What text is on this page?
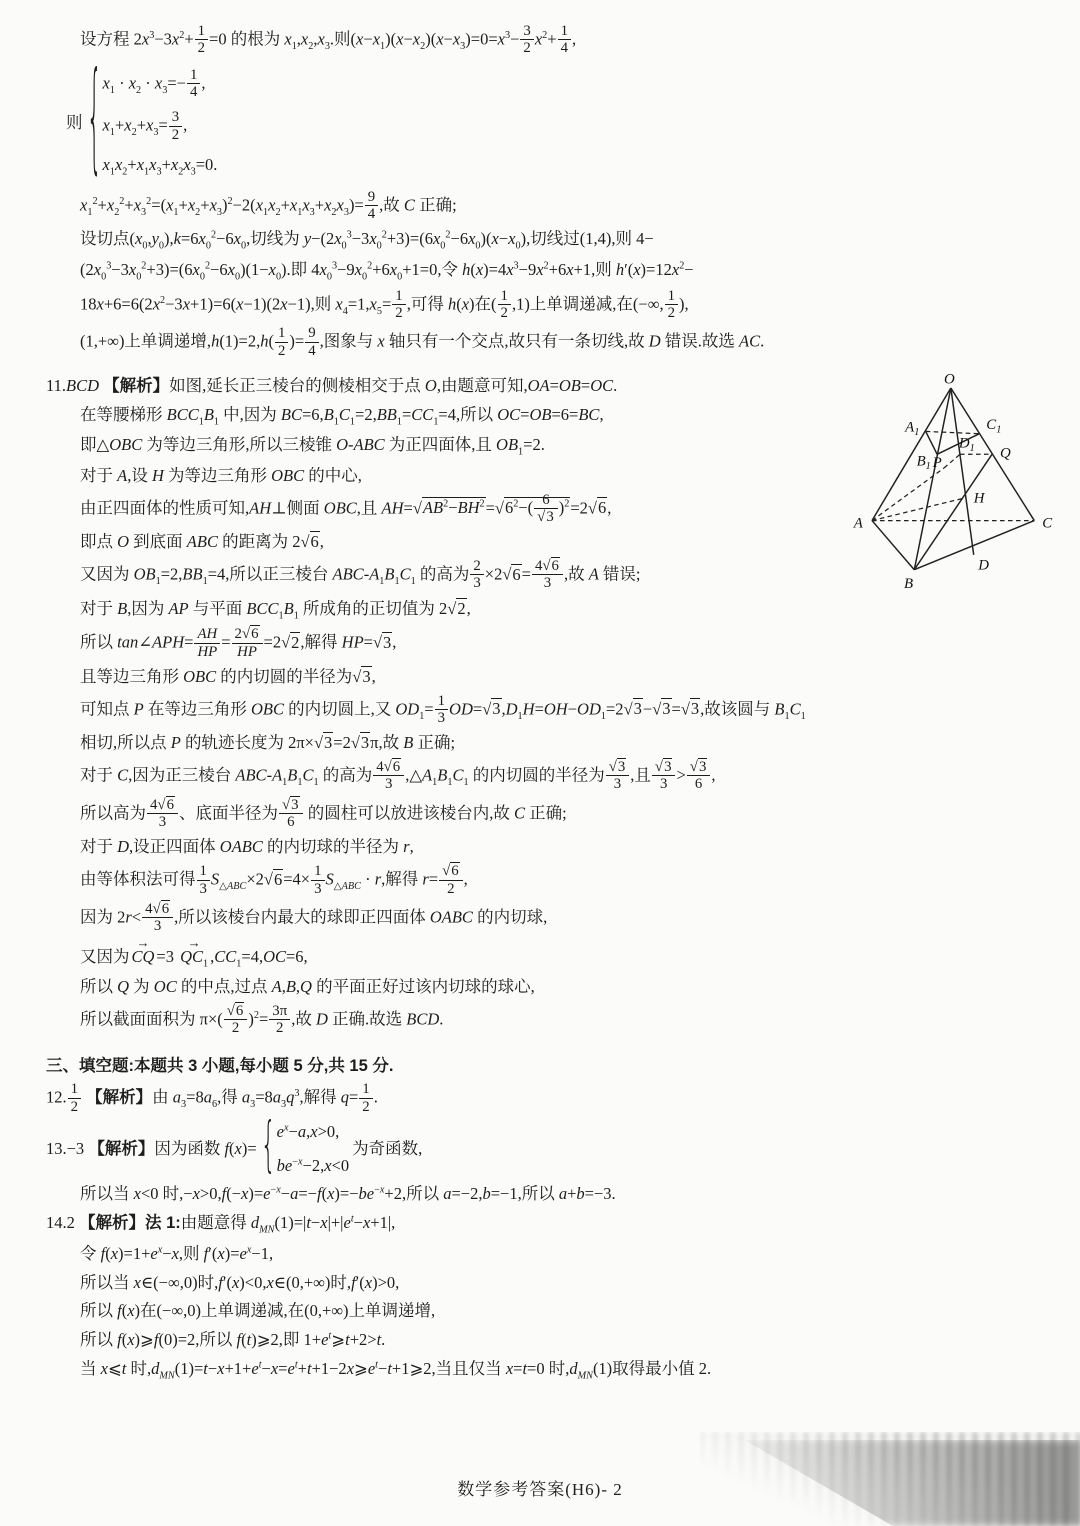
设方程 $2x^3-3x^2+ \frac{1}{2} =0$ 的根为 $x_1,x_2,x_3$.则$(x-x_1)(x-x_2)(x-x_3)=0=x^3- \frac{3}{2} x^2+ \frac{1}{4}$ ,
则
{ $x_1 \cdot x_2 \cdot x_3=- \frac{1}{4}$ ,
$x_1+x_2+x_3= \frac{3}{2}$ ,
$x_1x_2+x_1x_3+x_2x_3=0$.
$x_1^2+x_2^2+x_3^2=(x_1+x_2+x_3)^2-2(x_1x_2+x_1x_3+x_2x_3)= \frac{9}{4}$ ,故 C 正确;
设切点$(x_0,y_0),k=6x_0^2-6x_0$,切线为 $y-(2x_0^3-3x_0^2+3)=(6x_0^2-6x_0)(x-x_0)$,切线过(1,4),则 4−
$(2x_0^3-3x_0^2+3)=(6x_0^2-6x_0)(1-x_0)$.即 $4x_0^3-9x_0^2+6x_0+1=0$,令 $h(x)=4x^3-9x^2+6x+1$,则 $h'(x)=12x^2-$
$18x+6=6(2x^2-3x+1)=6(x-1)(2x-1)$,则 $x_4=1,x_5= \frac{1}{2}$ ,可得 h(x)在( $\frac{1}{2} ,1$)上单调递减,在(−∞, $\frac{1}{2}$ ),
(1,+∞)上单调递增$,h(1)=2,h( \frac{1}{2}$ )= $\frac{9}{4}$ ,图象与 x 轴只有一个交点,故只有一条切线,故 D 错误.故选 AC.
11.BCD 【解析】如图,延长正三棱台的侧棱相交于点 O,由题意可知,OA=OB=OC.
在等腰梯形 $BCC_1B_1$ 中,因为 $BC=6,B_1C_1=2,BB_1=CC_1=4$,所以 OC=OB=6=BC,
即△OBC 为等边三角形,所以三棱锥 O-ABC 为正四面体,且 $OB_1=2$.
对于 A,设 H 为等边三角形 OBC 的中心,
由正四面体的性质可知,AH⊥侧面 OBC,且 $AH=√AB^2-BH^2=√6^2-( \frac{6}{√3} )^2=2√6$,
即点 O 到底面 ABC 的距离为 2√6,
又因为 $OB_1=2,BB_1=4$,所以正三棱台 ABC-$A_1B_1C_1$ 的高为 $\frac{2}{3} \times 2√6= \frac{4√6}{3}$ ,故 A 错误;
对于 B,因为 AP 与平面 $BCC_1B_1$ 所成角的正切值为 2√2,
所以 tan∠APH= $\frac{AH}{HP} = \frac{2√6}{HP} =2√2$,解得 HP=√3,
且等边三角形 OBC 的内切圆的半径为√3,
可知点 P 在等边三角形 OBC 的内切圆上,又 $OD_1= \frac{1}{3} OD=√3,D_1H=OH-OD_1=2√3-√3=√3$,故该圆与 $B_1C_1$
相切,所以点 P 的轨迹长度为 2π×√3=2√3π,故 B 正确;
对于 C,因为正三棱台 ABC-$A_1B_1C_1$ 的高为 $\frac{4√6}{3}$ $,\triangle A_1B_1C_1$ 的内切圆的半径为 $\frac{√3}{3}$ ,且 $\frac{√3}{3} > \frac{√3}{6}$ ,
所以高为 $\frac{4√6}{3}$ 、底面半径为 $\frac{√3}{6}$ 的圆柱可以放进该棱台内,故 C 正确;
对于 D,设正四面体 OABC 的内切球的半径为 r,
由等体积法可得 $\frac{1}{3} S_{\triangle ABC}\times 2√6=4\times \frac{1}{3} S_{\triangle ABC} \cdot r$,解得 $r= \frac{√6}{2}$ ,
因为 $2r< \frac{4√6}{3}$ ,所以该棱台内最大的球即正四面体 OABC 的内切球,
又因为 → CQ $=3 \to QC_1$ $,CC_1=4,OC=6$,
所以 Q 为 OC 的中点,过点 A,B,Q 的平面正好过该内切球的球心,
所以截面面积为 $\pi\times( \frac{√6}{2} )^2= \frac{3\pi}{2}$ ,故 D 正确.故选 BCD.
三、填空题:本题共 3 小题,每小题 5 分,共 15 分.
12. $\frac{1}{2}$ 【解析】由 $a_3=8a_6$,得 $a_3=8a_3q^3$,解得 $q= \frac{1}{2}$ .
13.−3 【解析】因为函数 f(x)=
{ $e^x-a,x>0$,
$be^{-x}-2,x<0$
为奇函数,
所以当 x<0 时$,-x>0,f(-x)=e^{-x}-a=-f(x)=-be^{-x}+2$,所以 a=−2,b=−1,所以 a+b=−3.
14.2 【解析】法 1:由题意得 $d_{MN}(1)=|t-x|+|e^t-x+1|$,
令 $f(x)=1+e^x-x$,则 $f'(x)=e^x-1$,
所以当 x∈(−∞,0)时,f′(x)<0,x∈(0,+∞)时,f′(x)>0,
所以 f(x)在(−∞,0)上单调递减,在(0,+∞)上单调递增,
所以 f(x)⩾f(0)=2,所以 f(t)⩾2,即 $1+e^t⩾t+2>t$.
当 x⩽t 时$,d_{MN}(1)=t-x+1+e^t-x=e^t+t+1-2x⩾e^t-t+1⩾2$,当且仅当 x=t=0 时$,d_{MN}(1)$取得最小值 2.
O
$A_1$	$C_1$
$B_1$
$D_1$ Q
P
H
A	C
D
B
数学参考答案(H6)- 2
